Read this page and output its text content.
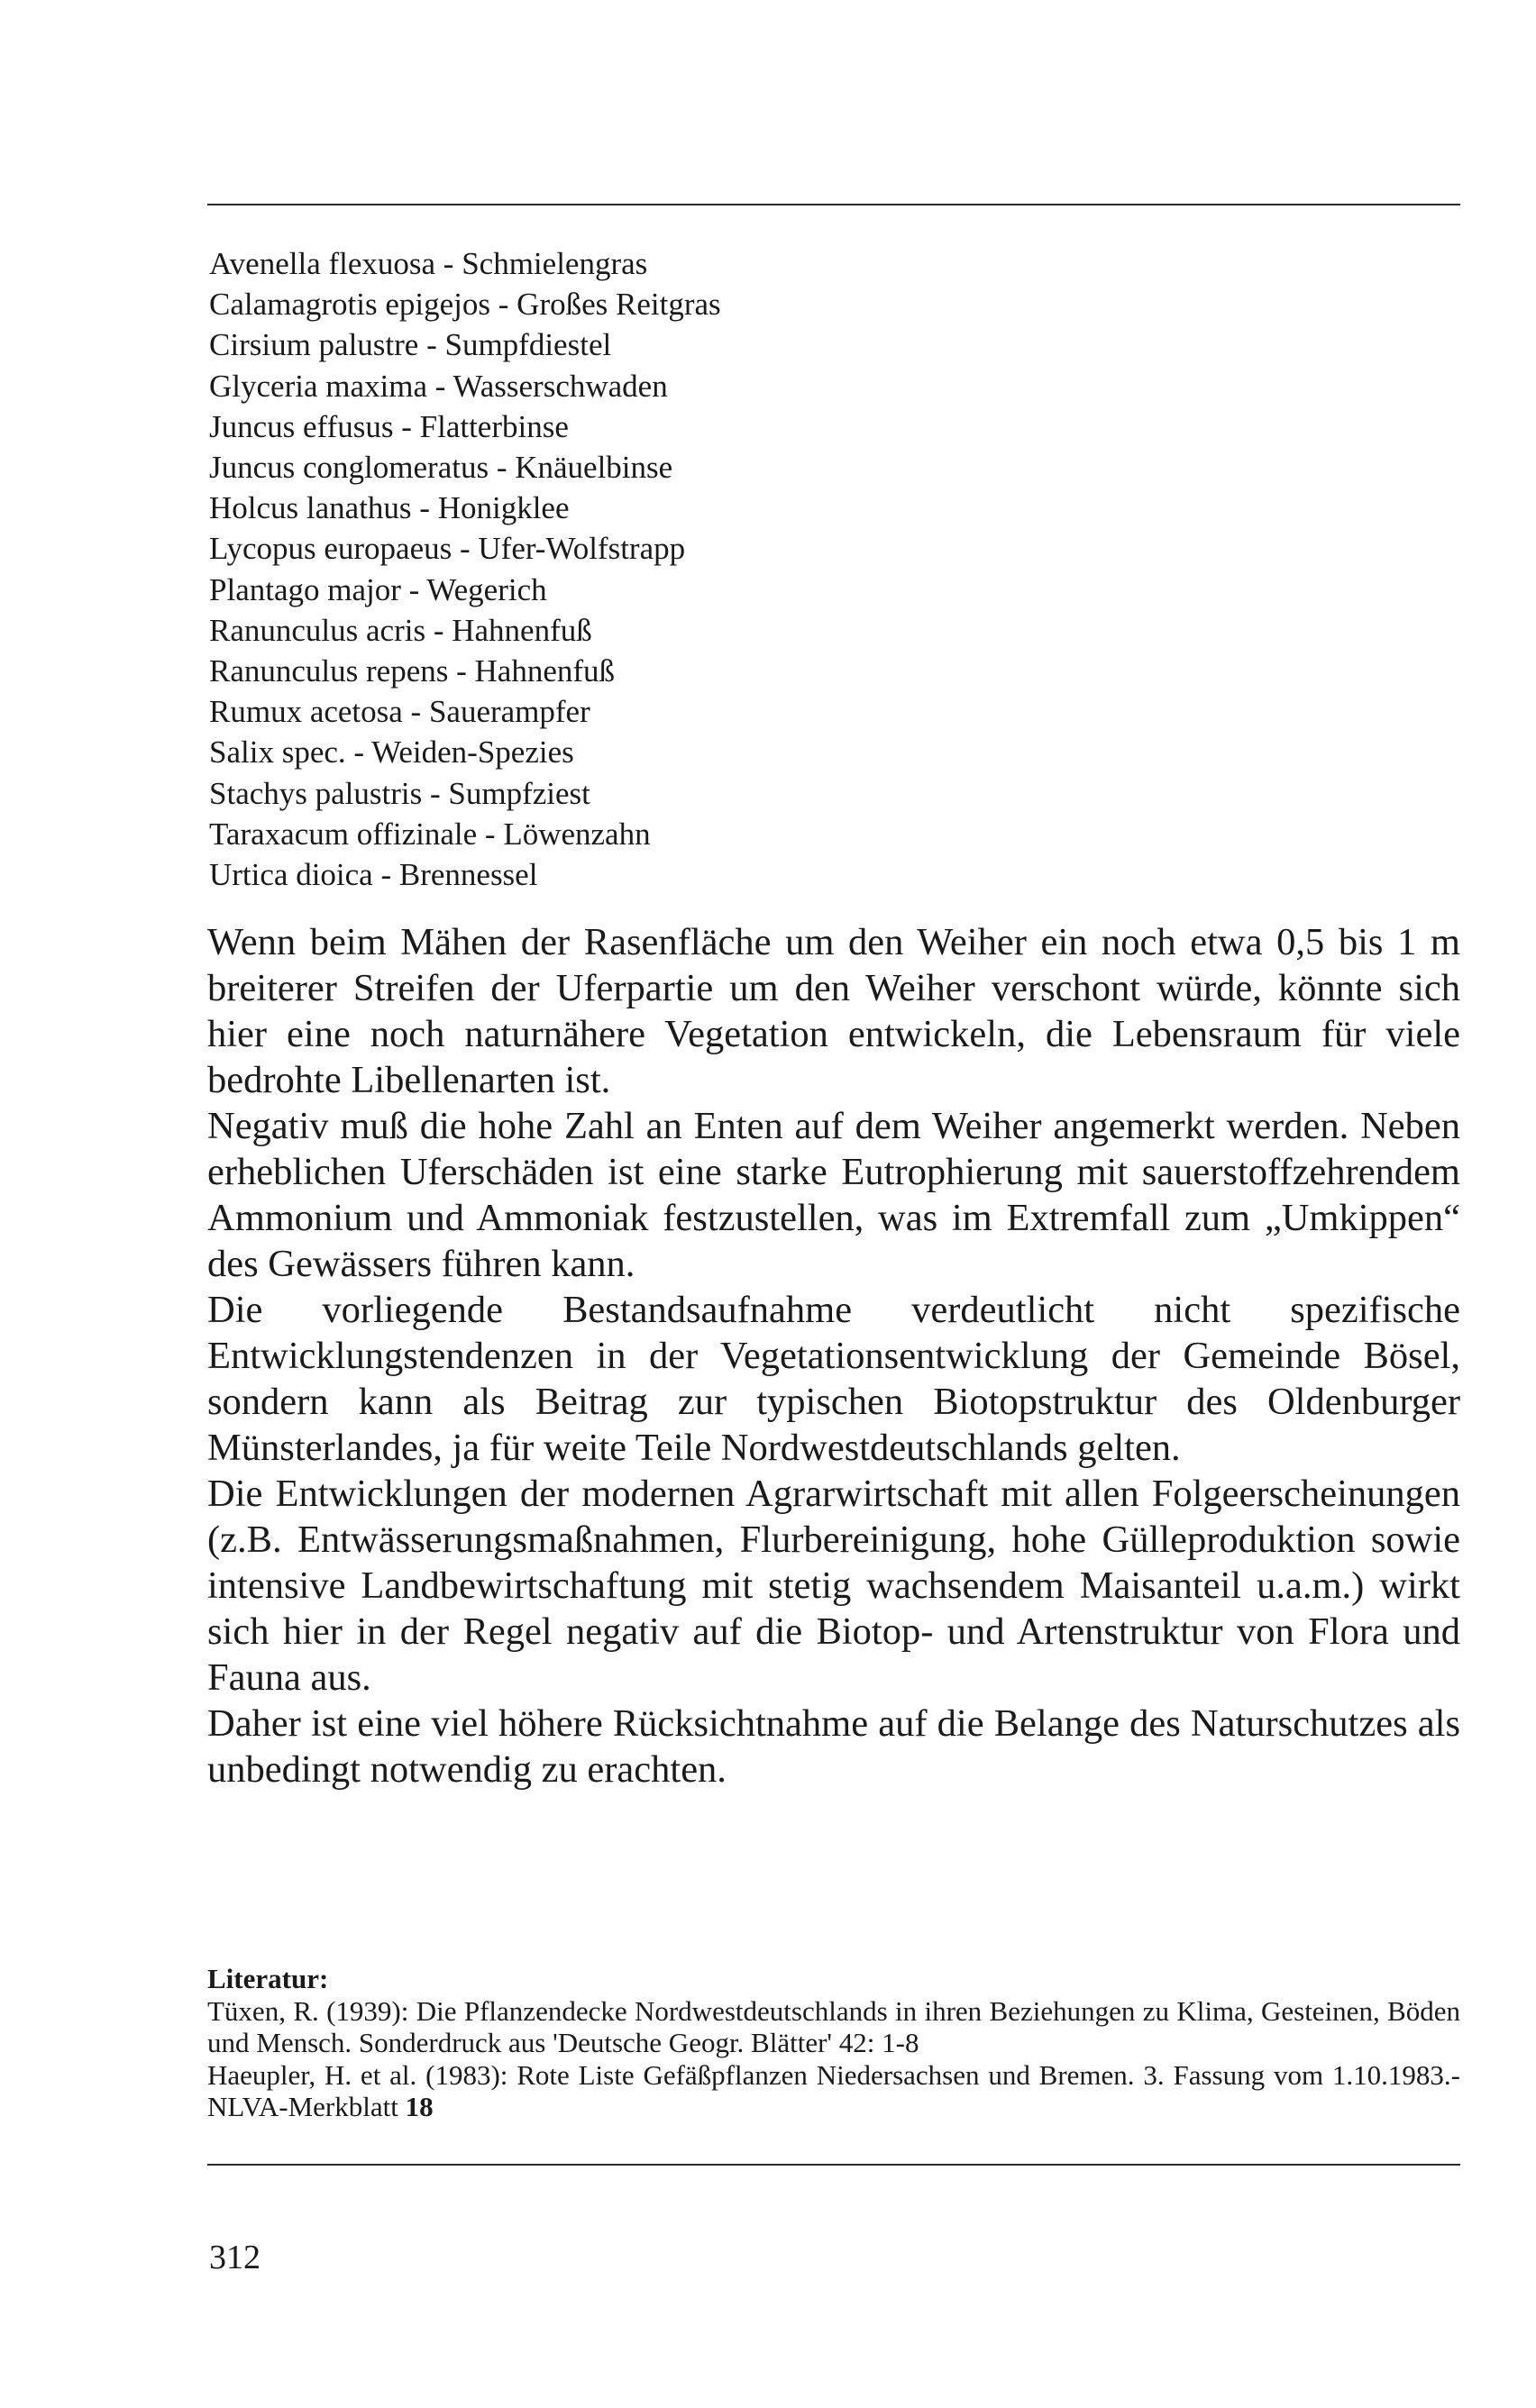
Avenella flexuosa - Schmielengras
Calamagrotis epigejos - Großes Reitgras
Cirsium palustre - Sumpfdiestel
Glyceria maxima - Wasserschwaden
Juncus effusus - Flatterbinse
Juncus conglomeratus - Knäuelbinse
Holcus lanathus - Honigklee
Lycopus europaeus - Ufer-Wolfstrapp
Plantago major - Wegerich
Ranunculus acris - Hahnenfuß
Ranunculus repens - Hahnenfuß
Rumux acetosa - Sauerampfer
Salix spec. - Weiden-Spezies
Stachys palustris - Sumpfziest
Taraxacum offizinale - Löwenzahn
Urtica dioica - Brennessel

Wenn beim Mähen der Rasenfläche um den Weiher ein noch etwa 0,5 bis 1 m breiterer Streifen der Uferpartie um den Weiher verschont würde, könnte sich hier eine noch naturnähere Vegetation entwickeln, die Lebensraum für viele bedrohte Libellenarten ist.

Negativ muß die hohe Zahl an Enten auf dem Weiher angemerkt werden. Neben erheblichen Uferschäden ist eine starke Eutrophierung mit sauerstoffzehrendem Ammonium und Ammoniak festzustellen, was im Extremfall zum „Umkippen“ des Gewässers führen kann.

Die vorliegende Bestandsaufnahme verdeutlicht nicht spezifische Entwicklungstendenzen in der Vegetationsentwicklung der Gemeinde Bösel, sondern kann als Beitrag zur typischen Biotopstruktur des Oldenburger Münsterlandes, ja für weite Teile Nordwestdeutschlands gelten.

Die Entwicklungen der modernen Agrarwirtschaft mit allen Folgeerscheinungen (z.B. Entwässerungsmaßnahmen, Flurbereinigung, hohe Gülleproduktion sowie intensive Landbewirtschaftung mit stetig wachsendem Maisanteil u.a.m.) wirkt sich hier in der Regel negativ auf die Biotop- und Artenstruktur von Flora und Fauna aus.

Daher ist eine viel höhere Rücksichtnahme auf die Belange des Naturschutzes als unbedingt notwendig zu erachten.

Literatur:

Tüxen, R. (1939): Die Pflanzendecke Nordwestdeutschlands in ihren Beziehungen zu Klima, Gesteinen, Böden und Mensch. Sonderdruck aus 'Deutsche Geogr. Blätter' 42: 1-8

Haeupler, H. et al. (1983): Rote Liste Gefäßpflanzen Niedersachsen und Bremen. 3. Fassung vom 1.10.1983.- NLVA-Merkblatt 18

312
